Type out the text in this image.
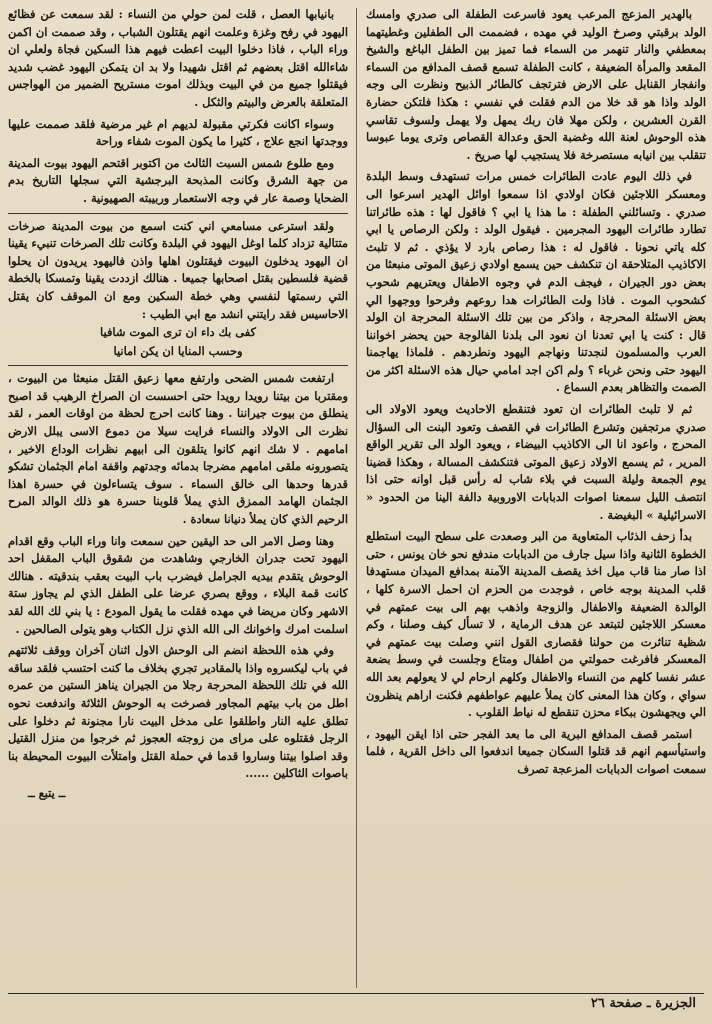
بالهدير المزعج المرعب يعود فاسرعت الطفلة الى صدري وامسك الولد برقبتي وصرخ الوليد في مهده ، فضممت الى الطفلين وغطيتهما بمعطفي والنار تنهمر من السماء فما تميز بين الطفل الباغع والشيخ المقعد والمرأة الضعيفة ، كانت الطفلة تسمع قصف المدافع من السماء وانفجار القنابل على الارض فترتجف كالطائر الذبيح ونظرت الى وجه الولد واذا هو قد خلا من الدم فقلت في نفسي : هكذا فلتكن حضارة القرن العشرين ، ولكن مهلا فان ربك يمهل ولا يهمل ولسوف تقاسي هذه الوحوش لعنة الله وغضبة الحق وعدالة القصاص وترى يوما عبوسا تتقلب بين انيابه مستصرخة فلا يستجيب لها صريخ .

في ذلك اليوم عادت الطائرات خمس مرات تستهدف وسط البلدة ومعسكر اللاجئين فكان اولادي اذا سمعوا اوائل الهدير اسرعوا الى صدري . وتسائلني الطفلة : ما هذا يا ابي ؟ فاقول لها : هذه طائراتنا تطارد طائرات اليهود المجرمين . فيقول الولد : ولكن الرصاص يا ابي كله ياتي نحونا . فاقول له : هذا رصاص بارد لا يؤذي . ثم لا تلبث الاكاذيب المتلاحقة ان تنكشف حين يسمع اولادي زعيق الموتى منبعثا من بعض دور الجيران ، فيجف الدم في وجوه الاطفال ويعتريهم شحوب كشحوب الموت . فاذا ولت الطائرات هدا روعهم وفرحوا ووجهوا الي بعض الاسئلة المحرجة ، واذكر من بين تلك الاسئلة المحرجة ان الولد قال : كنت يا ابي تعدنا ان نعود الى بلدنا الفالوجة حين يحضر اخواننا العرب والمسلمون لنجدتنا ونهاجم اليهود ونطردهم . فلماذا يهاجمنا اليهود حتى ونحن غرباء ؟ ولم اكن اجد امامي حيال هذه الاسئلة اكثر من الصمت والتظاهر بعدم السماع .

ثم لا تلبث الطائرات ان تعود فتنقطع الاحاديث ويعود الاولاد الى صدري مرتجفين وتشرع الطائرات في القصف وتعود البنت الى السؤال المحرج ، واعود انا الى الاكاذيب البيضاء ، ويعود الولد الى تقرير الواقع المرير ، ثم يسمع الاولاد زعيق الموتى فتنكشف المسالة ، وهكذا قضينا يوم الجمعة وليلة السبت في بلاء شاب له رأس قبل اوانه حتى اذا انتصف الليل سمعنا اصوات الدبابات الاوروبية دالفة الينا من الحدود « الاسرائيلية » البغيضة .

بدأ زحف الذئاب المتعاوية من البر وصعدت على سطح البيت استطلع الخطوة الثانية واذا سيل جارف من الدبابات مندفع نحو خان يونس ، حتى اذا صار منا قاب ميل اخذ يقصف المدينة الآمنة بمدافع الميدان مستهدفا قلب المدينة بوجه خاص ، فوجدت من الحزم ان احمل الاسرة كلها ، الوالدة الضعيفة والاطفال والزوجة واذهب بهم الى بيت عمتهم في معسكر اللاجئين لتبتعد عن هدف الرماية ، لا تسأل كيف وصلنا ، وكم شظية تناثرت من حولنا فقصارى القول انني وصلت بيت عمتهم في المعسكر فافرغت حمولتي من اطفال ومتاع وجلست في وسط بضعة عشر نفسا كلهم من النساء والاطفال وكلهم ارحام لي لا يعولهم بعد الله سواي ، وكان هذا المعنى كان يملأ عليهم عواطفهم فكنت اراهم ينظرون الي ويجهشون ببكاء محزن تنقطع له نياط القلوب .

استمر قصف المدافع البرية الى ما بعد الفجر حتى اذا ايقن اليهود ، واستيأسهم انهم قد قتلوا السكان جميعا اندفعوا الى داخل القرية ، فلما سمعت اصوات الدبابات المزعجة تصرف

بانيابها العصل ، قلت لمن حولي من النساء : لقد سمعت عن فظائع اليهود في رفح وغزة وعلمت انهم يقتلون الشباب ، وقد صممت ان اكمن وراء الباب ، فاذا دخلوا البيت اعطت فيهم هذا السكين فجاة ولعلي ان شاءالله اقتل بعضهم ثم اقتل شهيدا ولا بد ان يتمكن اليهود غضب شديد فيقتلوا جميع من في البيت وبذلك اموت مستريح الضمير من الهواجس المتعلقة بالعرض والبيتم والثكل .

وسواء اكانت فكرتي مقبولة لديهم ام غير مرضية فلقد صممت عليها ووجدتها انجع علاج ، كثيرا ما يكون الموت شفاء وراحة

ومع طلوع شمس السبت الثالث من اكتوبر اقتحم اليهود بيوت المدينة من جهة الشرق وكانت المذبحة البرجشية التي سجلها التاريخ بدم الضحايا وصمة عار في وجه الاستعمار وربيبته الصهيونية .

ولقد استرعى مسامعي اني كنت اسمع من بيوت المدينة صرخات متتالية تزداد كلما اوغل اليهود في البلدة وكانت تلك الصرخات تنبيء يقينا ان اليهود يدخلون البيوت فيقتلون اهلها واذن فاليهود يريدون ان يحلوا قضية فلسطين بقتل اصحابها جميعا . هنالك ازددت يقينا وتمسكا بالخطة التي رسمتها لنفسي وهي خطة السكين ومع ان الموقف كان يقتل الاحاسيس فقد رايتني انشد مع ابي الطيب :

كفى بك داء ان ترى الموت شافيا

وحسب المنايا ان يكن امانيا

ارتفعت شمس الضحى وارتفع معها زعيق القتل منبعثا من البيوت ، ومقتربا من بيتنا رويدا رويدا حتى احسست ان الصراخ الرهيب قد اصبح ينطلق من بيوت جيراننا . وهنا كانت احرج لحظة من اوقات العمر ، لقد نظرت الى الاولاد والنساء فرايت سيلا من دموع الاسى يبلل الارض امامهم . لا شك انهم كانوا يتلقون الى ابيهم نظرات الوداع الاخير ، يتصورونه ملقى امامهم مضرجا بدمائه وجدتهم واقفة امام الجثمان تشكو قدرها وحدها الى خالق السماء . سوف يتساءلون في حسرة اهذا الجثمان الهامد الممزق الذي يملأ قلوبنا حسرة هو ذلك الوالد المرح الرحيم الذي كان يملأ دنيانا سعادة .

وهنا وصل الامر الى حد اليقين حين سمعت وانا وراء الباب وقع اقدام اليهود تحت جدران الخارجي وشاهدت من شقوق الباب المقفل احد الوحوش يتقدم بيديه الجرامل فيضرب باب البيت بعقب بندقيته . هنالك كانت قمة البلاء ، ووقع بصري عرضا على الطفل الذي لم يجاوز ستة الاشهر وكان مريضا في مهده فقلت ما يقول المودع : يا بني لك الله لقد اسلمت امرك واخوانك الى الله الذي نزل الكتاب وهو يتولى الصالحين .

وفي هذه اللحظة انضم الى الوحش الاول اثنان آخران ووقف ثلاثتهم في باب ليكسروه واذا بالمقادير تجري بخلاف ما كنت احتسب فلقد ساقه الله في تلك اللحظة المحرجة رجلا من الجيران يناهز الستين من عمره اطل من باب بيتهم المجاور فصرخت به الوحوش الثلاثة واندفعت نحوه تطلق عليه النار واطلقوا على مدخل البيت نارا مجنونة ثم دخلوا على الرجل فقتلوه على مراى من زوجته العجوز ثم خرجوا من منزل القتيل وقد اصلوا بيتنا وساروا قدما في حملة القتل وامتلأت البيوت المحيطة بنا باصوات الثاكلين ......

ــ يتبع ــ

الجزيرة ـ صفحة ٢٦
